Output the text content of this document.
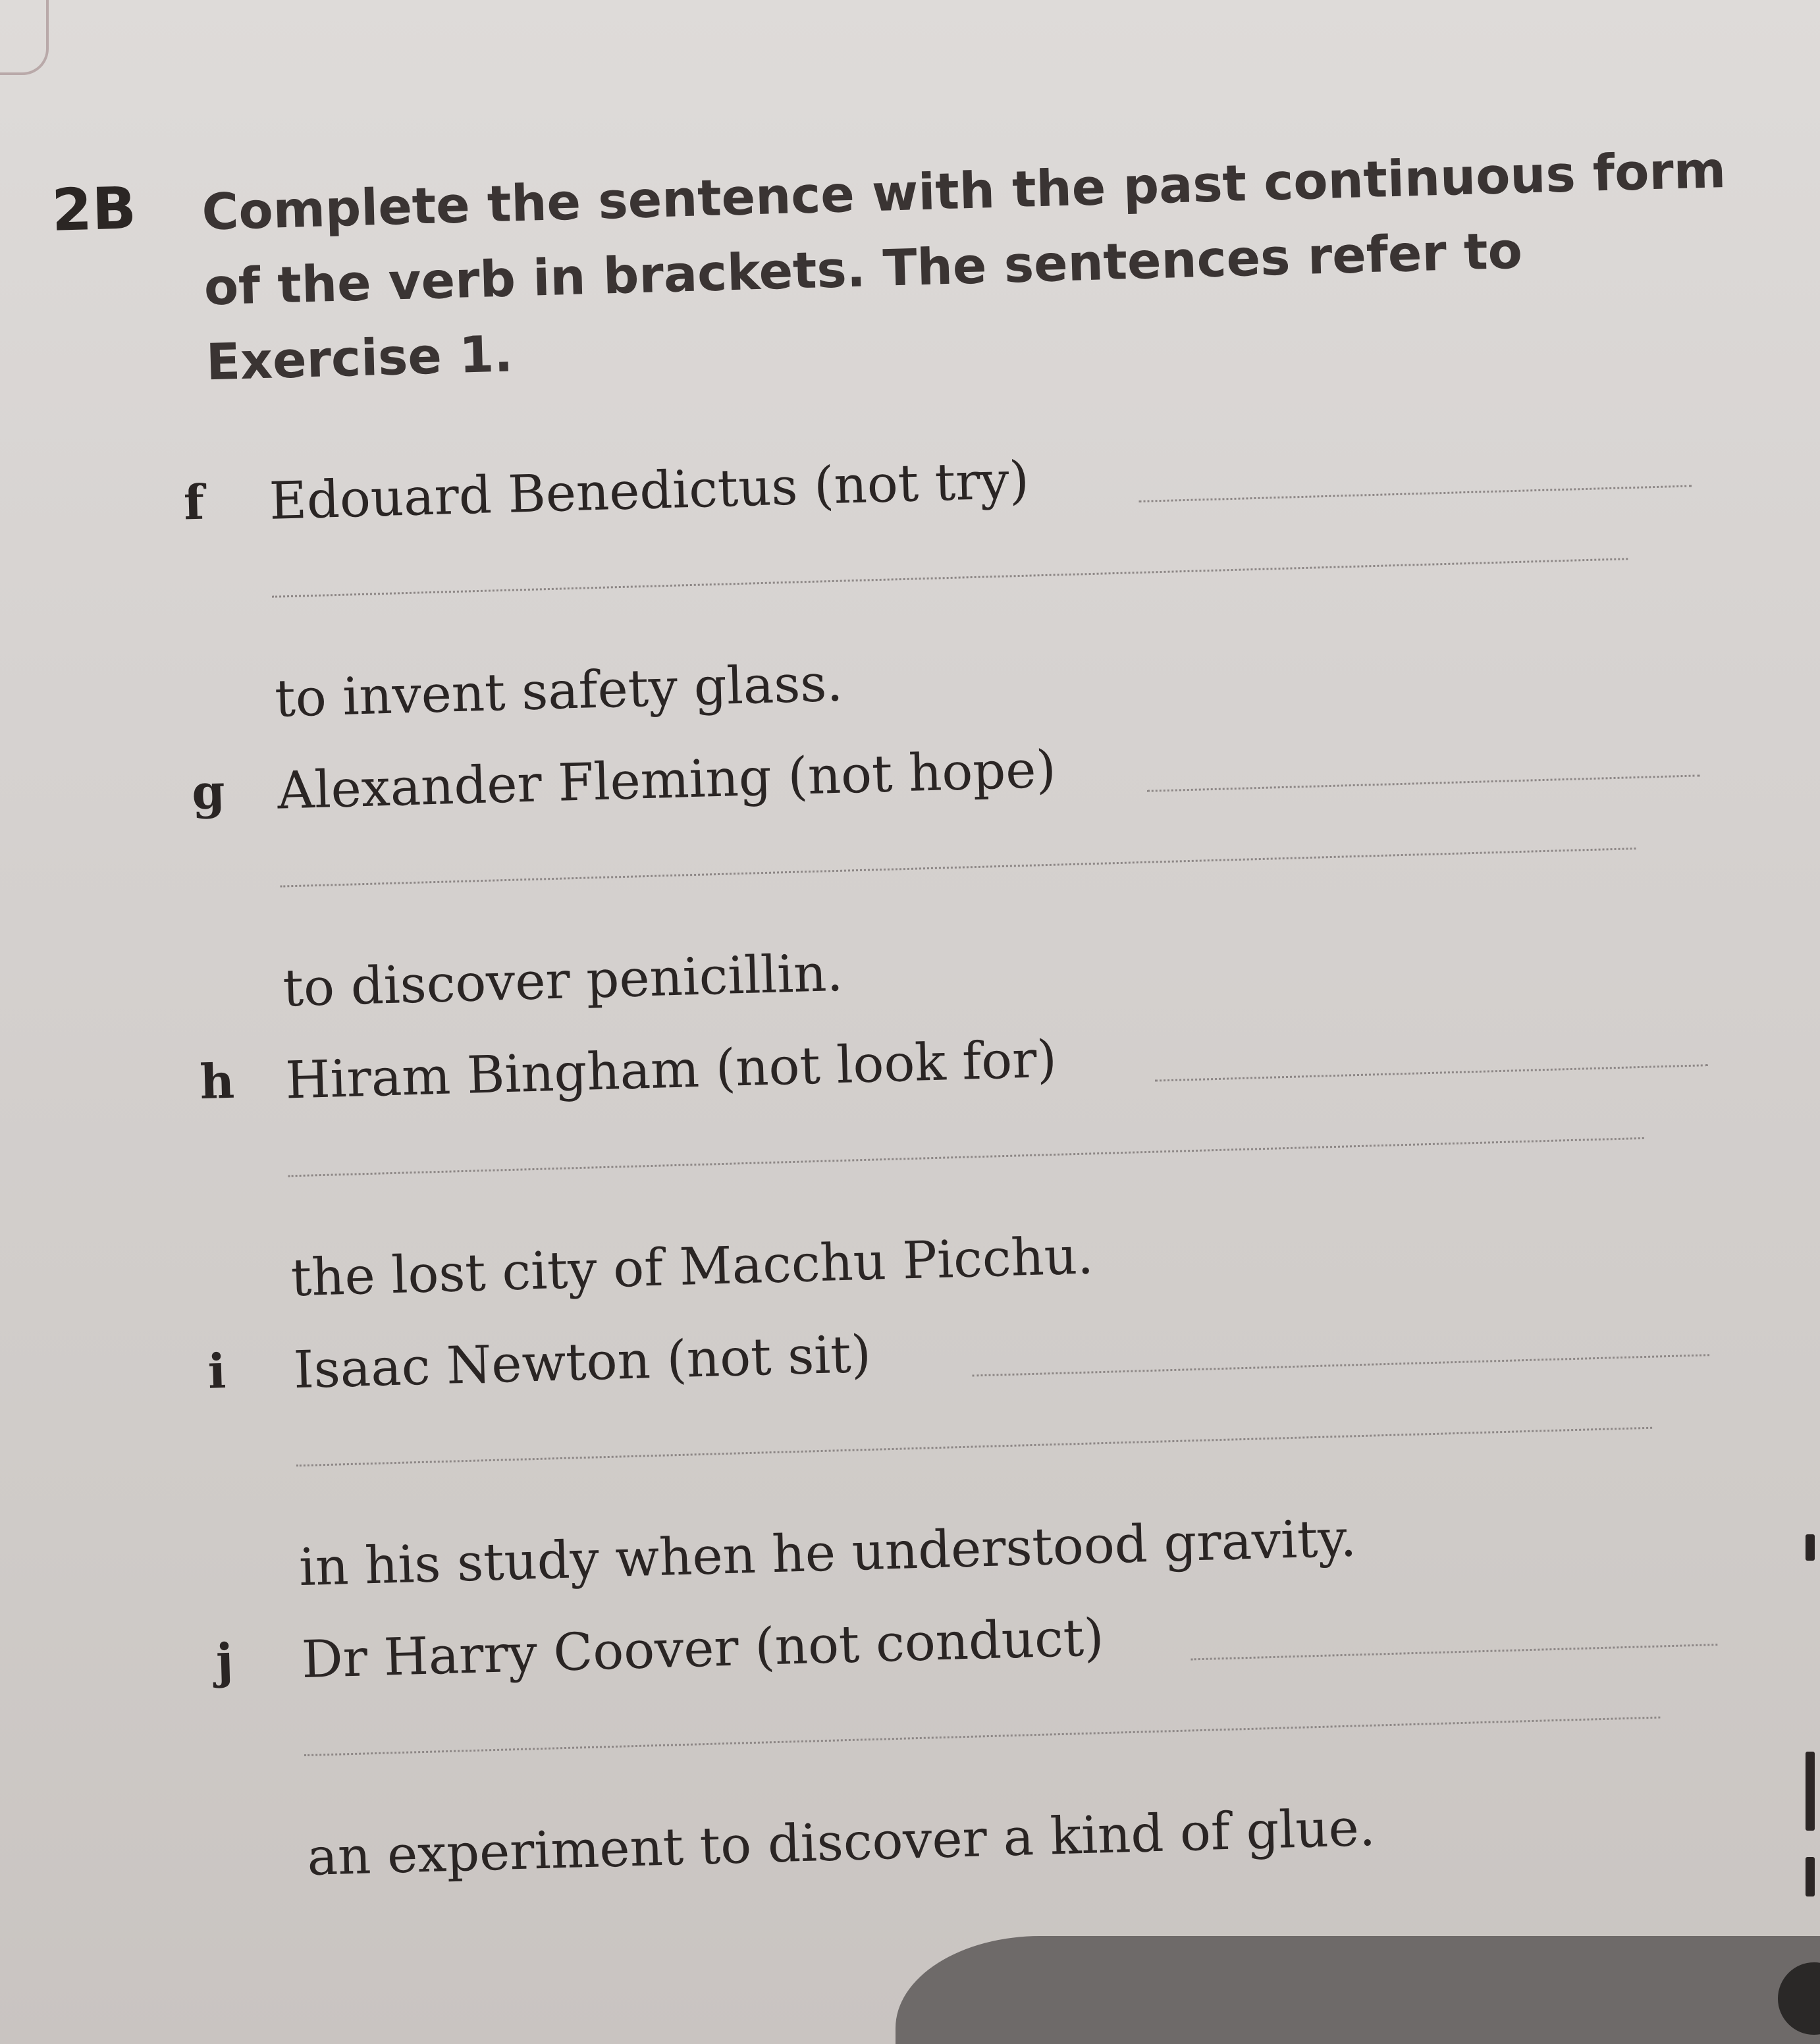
2B Complete the sentence with the past continuous form of the verb in brackets. The sentences refer to Exercise 1.
f	Edouard Benedictus (not try)
to invent safety glass.
g Alexander Fleming (not hope)
to discover penicillin.
h Hiram Bingham (not look for)
the lost city of Macchu Picchu.
i	Isaac Newton (not sit)
in his study when he understood gravity.
j	Dr Harry Coover (not conduct)
an experiment to discover a kind of glue.
